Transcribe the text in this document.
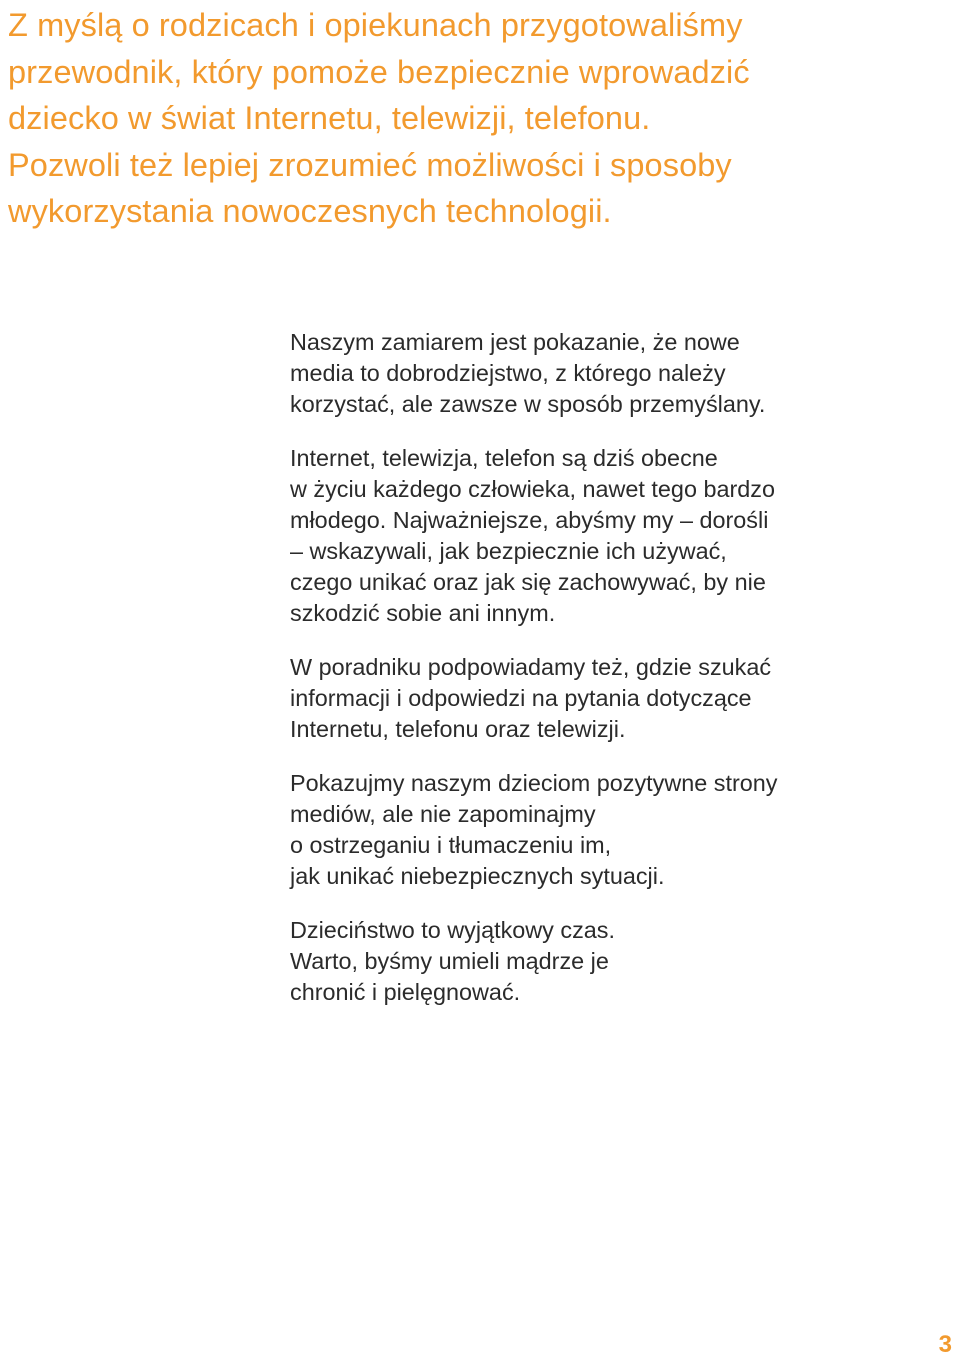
Z myślą o rodzicach i opiekunach przygotowaliśmy
przewodnik, który pomoże bezpiecznie wprowadzić
dziecko w świat Internetu, telewizji, telefonu.
Pozwoli też lepiej zrozumieć możliwości i sposoby
wykorzystania nowoczesnych technologii.

Naszym zamiarem jest pokazanie, że nowe
media to dobrodziejstwo, z którego należy
korzystać, ale zawsze w sposób przemyślany.

Internet, telewizja, telefon są dziś obecne
w życiu każdego człowieka, nawet tego bardzo
młodego. Najważniejsze, abyśmy my – dorośli
– wskazywali, jak bezpiecznie ich używać,
czego unikać oraz jak się zachowywać, by nie
szkodzić sobie ani innym.

W poradniku podpowiadamy też, gdzie szukać
informacji i odpowiedzi na pytania dotyczące
Internetu, telefonu oraz telewizji.

Pokazujmy naszym dzieciom pozytywne strony
mediów, ale nie zapominajmy
o ostrzeganiu i tłumaczeniu im,
jak unikać niebezpiecznych sytuacji.

Dzieciństwo to wyjątkowy czas.
Warto, byśmy umieli mądrze je
chronić i pielęgnować.

3
